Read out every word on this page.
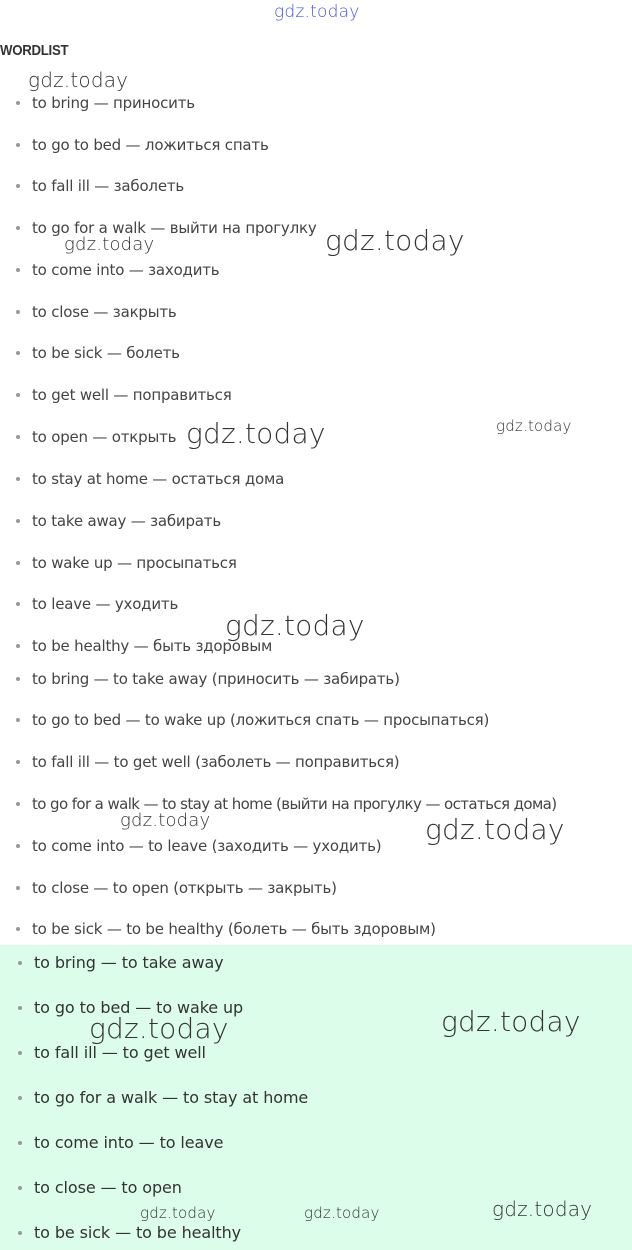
gdz.today
WORDLIST
to bring — приносить
to go to bed — ложиться спать
to fall ill — заболеть
to go for a walk — выйти на прогулку
to come into — заходить
to close — закрыть
to be sick — болеть
to get well — поправиться
to open — открыть
to stay at home — остаться дома
to take away — забирать
to wake up — просыпаться
to leave — уходить
to be healthy — быть здоровым
to bring — to take away (приносить — забирать)
to go to bed — to wake up (ложиться спать — просыпаться)
to fall ill — to get well (заболеть — поправиться)
to go for a walk — to stay at home (выйти на прогулку — остаться дома)
to come into — to leave (заходить — уходить)
to close — to open (открыть — закрыть)
to be sick — to be healthy (болеть — быть здоровым)
to bring — to take away
to go to bed — to wake up
to fall ill — to get well
to go for a walk — to stay at home
to come into — to leave
to close — to open
to be sick — to be healthy
gdz.today
gdz.today	gdz.today
gdz.today	gdz.today
gdz.today
gdz.today	gdz.today
gdz.today	gdz.today
gdz.today
gdz.today	gdz.today
